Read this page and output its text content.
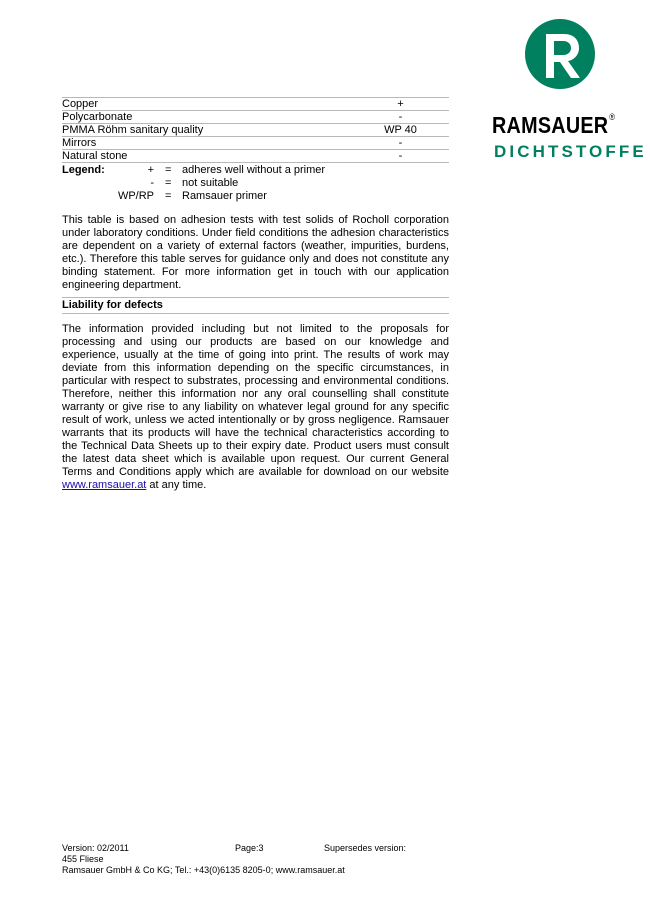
RAMSAUER®
DICHTSTOFFE
Copper	+
Polycarbonate	-
PMMA Röhm sanitary quality	WP 40
Mirrors	-
Natural stone	-
Legend:	+ = adheres well without a primer
- = not suitable
WP/RP = Ramsauer primer

This table is based on adhesion tests with test solids of Rocholl corporation under laboratory conditions. Under field conditions the adhesion characteristics are dependent on a variety of external factors (weather, impurities, burdens, etc.). Therefore this table serves for guidance only and does not constitute any binding statement. For more information get in touch with our application engineering department.

Liability for defects

The information provided including but not limited to the proposals for processing and using our products are based on our knowledge and experience, usually at the time of going into print. The results of work may deviate from this information depending on the specific circumstances, in particular with respect to substrates, processing and environmental conditions. Therefore, neither this information nor any oral counselling shall constitute warranty or give rise to any liability on whatever legal ground for any specific result of work, unless we acted intentionally or by gross negligence. Ramsauer warrants that its products will have the technical characteristics according to the Technical Data Sheets up to their expiry date. Product users must consult the latest data sheet which is available upon request. Our current General Terms and Conditions apply which are available for download on our website www.ramsauer.at at any time.

Version: 02/2011	Page:3	Supersedes version:
455 Fliese
Ramsauer GmbH & Co KG; Tel.: +43(0)6135 8205-0; www.ramsauer.at
